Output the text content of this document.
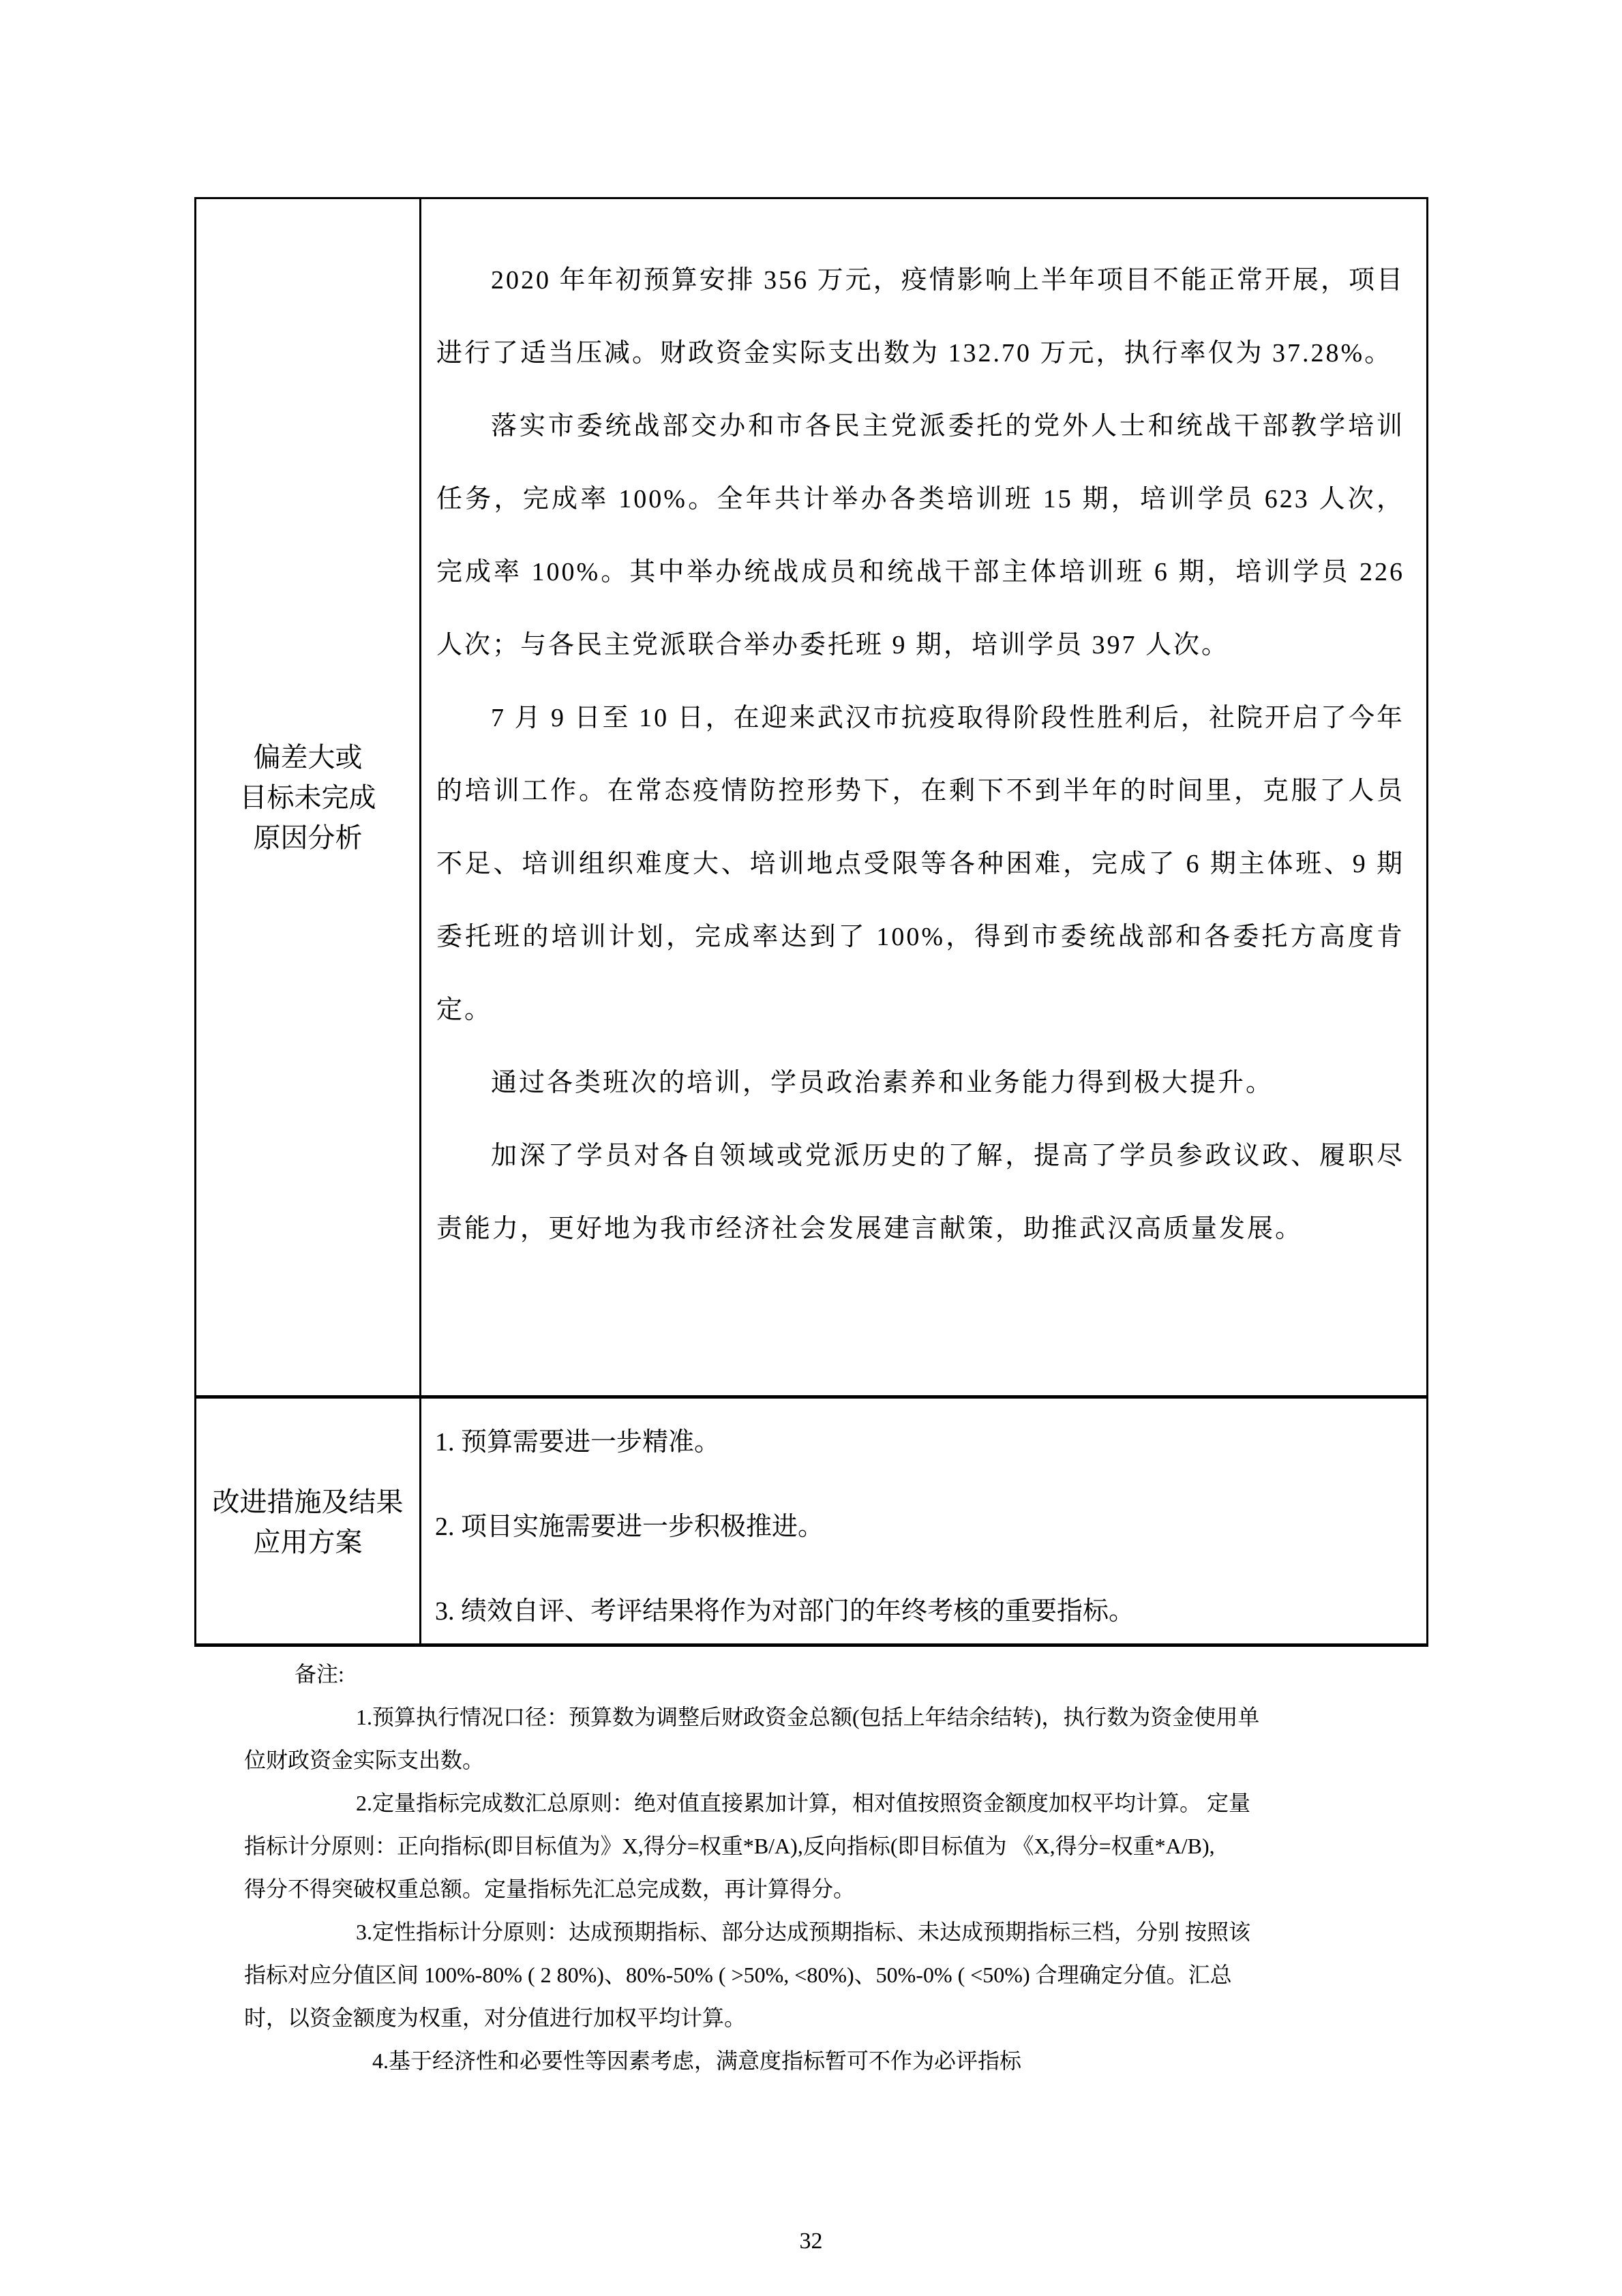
偏差大或
目标未完成
原因分析

2020 年年初预算安排 356 万元，疫情影响上半年项目不能正常开展，项目进行了适当压减。财政资金实际支出数为 132.70 万元，执行率仅为 37.28%。

落实市委统战部交办和市各民主党派委托的党外人士和统战干部教学培训任务，完成率 100%。全年共计举办各类培训班 15 期，培训学员 623 人次，完成率 100%。其中举办统战成员和统战干部主体培训班 6 期，培训学员 226 人次；与各民主党派联合举办委托班 9 期，培训学员 397 人次。

7 月 9 日至 10 日，在迎来武汉市抗疫取得阶段性胜利后，社院开启了今年的培训工作。在常态疫情防控形势下，在剩下不到半年的时间里，克服了人员不足、培训组织难度大、培训地点受限等各种困难，完成了 6 期主体班、9 期委托班的培训计划，完成率达到了 100%，得到市委统战部和各委托方高度肯定。

通过各类班次的培训，学员政治素养和业务能力得到极大提升。

加深了学员对各自领域或党派历史的了解，提高了学员参政议政、履职尽责能力，更好地为我市经济社会发展建言献策，助推武汉高质量发展。

改进措施及结果
应用方案

1. 预算需要进一步精准。

2. 项目实施需要进一步积极推进。

3. 绩效自评、考评结果将作为对部门的年终考核的重要指标。

备注:
1.预算执行情况口径：预算数为调整后财政资金总额(包括上年结余结转)，执行数为资金使用单
位财政资金实际支出数。
2.定量指标完成数汇总原则：绝对值直接累加计算，相对值按照资金额度加权平均计算。 定量
指标计分原则：正向指标(即目标值为》X,得分=权重*B/A),反向指标(即目标值为 《X,得分=权重*A/B),
得分不得突破权重总额。定量指标先汇总完成数，再计算得分。
3.定性指标计分原则：达成预期指标、部分达成预期指标、未达成预期指标三档，分别 按照该
指标对应分值区间 100%-80% ( 2 80%)、80%-50% ( >50%, <80%)、50%-0% ( <50%) 合理确定分值。汇总
时，以资金额度为权重，对分值进行加权平均计算。
4.基于经济性和必要性等因素考虑，满意度指标暂可不作为必评指标
32
